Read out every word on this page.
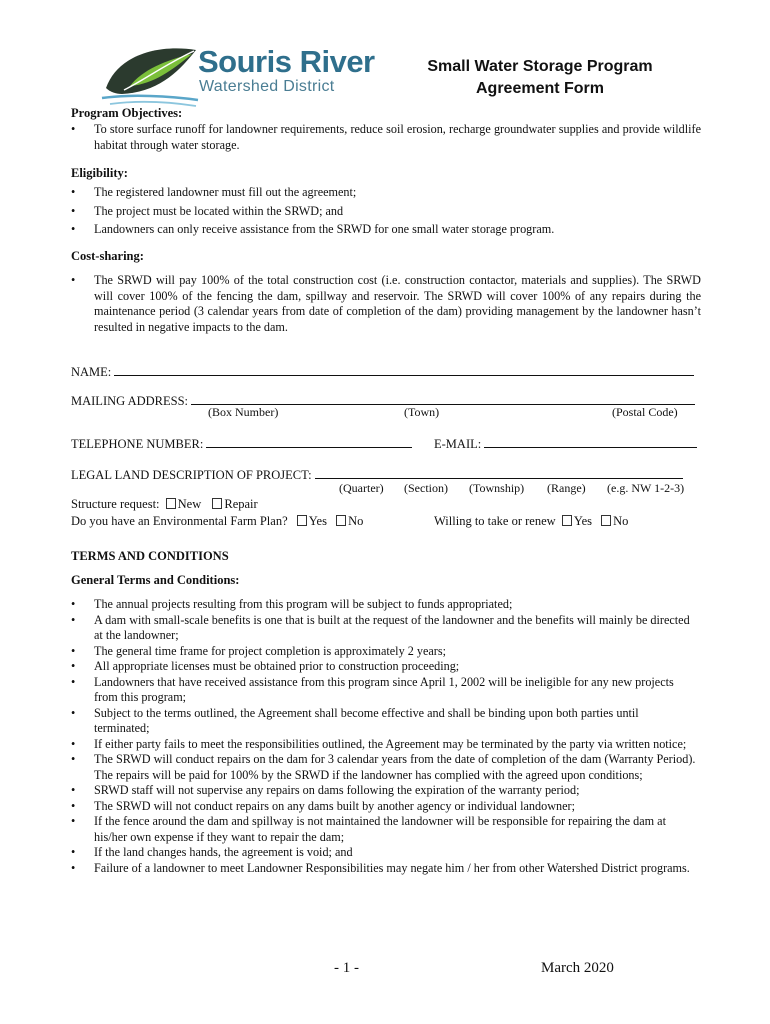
Souris River
Watershed District
Small Water Storage Program
Agreement Form
Program Objectives:
• To store surface runoff for landowner requirements, reduce soil erosion, recharge groundwater supplies and provide wildlife habitat through water storage.
Eligibility:
• The registered landowner must fill out the agreement;
• The project must be located within the SRWD; and
• Landowners can only receive assistance from the SRWD for one small water storage program.
Cost-sharing:
• The SRWD will pay 100% of the total construction cost (i.e. construction contactor, materials and supplies). The SRWD will cover 100% of the fencing the dam, spillway and reservoir. The SRWD will cover 100% of any repairs during the maintenance period (3 calendar years from date of completion of the dam) providing management by the landowner hasn’t resulted in negative impacts to the dam.
NAME:
MAILING ADDRESS:
(Box Number)	(Town)	(Postal Code)
TELEPHONE NUMBER:	E-MAIL:
LEGAL LAND DESCRIPTION OF PROJECT:
(Quarter) (Section) (Township) (Range) (e.g. NW 1-2-3)
Structure request: New Repair
Do you have an Environmental Farm Plan? Yes No	Willing to take or renew Yes No
TERMS AND CONDITIONS
General Terms and Conditions:
• The annual projects resulting from this program will be subject to funds appropriated;
• A dam with small-scale benefits is one that is built at the request of the landowner and the benefits will mainly be directed at the landowner;
• The general time frame for project completion is approximately 2 years;
• All appropriate licenses must be obtained prior to construction proceeding;
• Landowners that have received assistance from this program since April 1, 2002 will be ineligible for any new projects from this program;
• Subject to the terms outlined, the Agreement shall become effective and shall be binding upon both parties until terminated;
• If either party fails to meet the responsibilities outlined, the Agreement may be terminated by the party via written notice;
• The SRWD will conduct repairs on the dam for 3 calendar years from the date of completion of the dam (Warranty Period). The repairs will be paid for 100% by the SRWD if the landowner has complied with the agreed upon conditions;
• SRWD staff will not supervise any repairs on dams following the expiration of the warranty period;
• The SRWD will not conduct repairs on any dams built by another agency or individual landowner;
• If the fence around the dam and spillway is not maintained the landowner will be responsible for repairing the dam at his/her own expense if they want to repair the dam;
• If the land changes hands, the agreement is void; and
• Failure of a landowner to meet Landowner Responsibilities may negate him / her from other Watershed District programs.
- 1 -	March 2020
